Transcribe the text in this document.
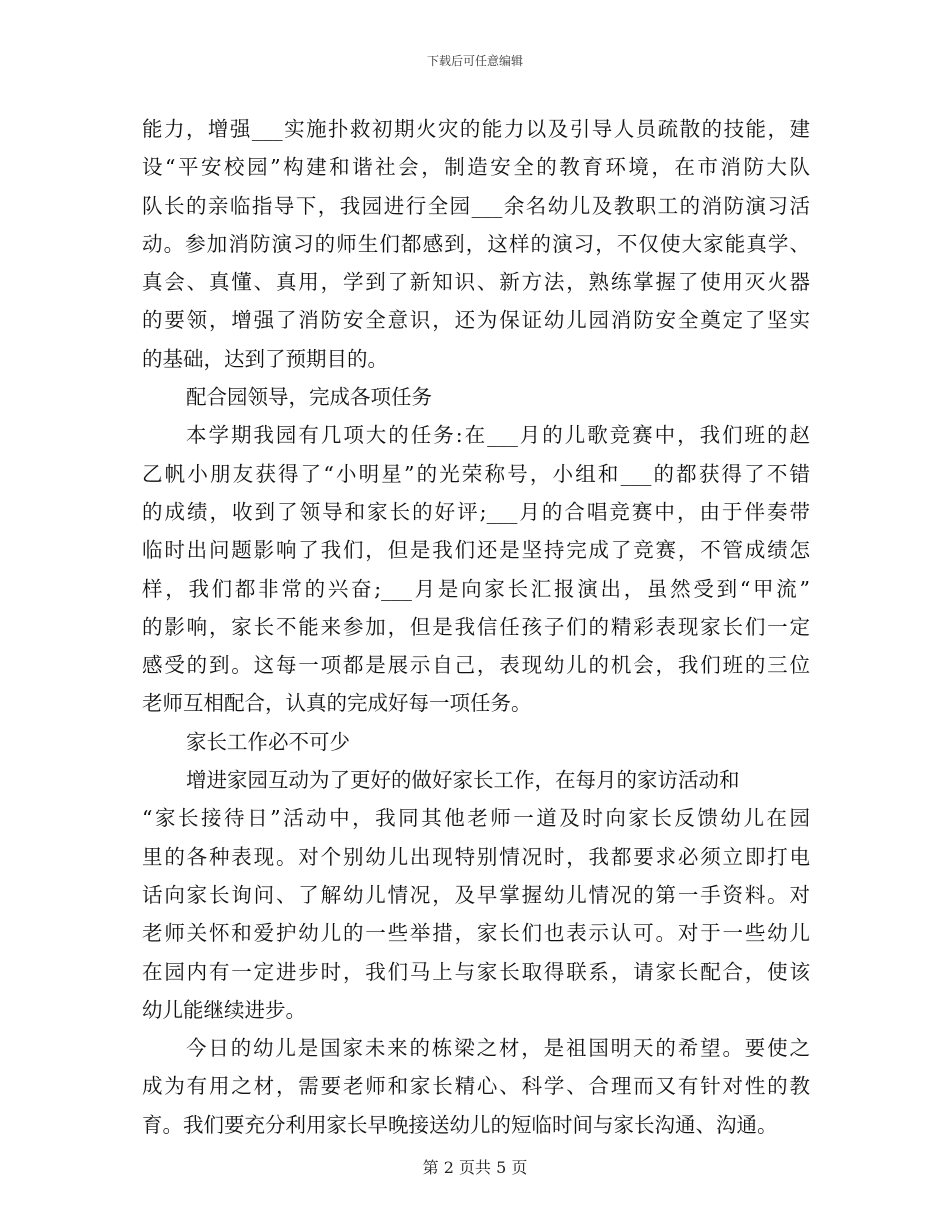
下载后可任意编辑
能力，增强___实施扑救初期火灾的能力以及引导人员疏散的技能，建
设“平安校园”构建和谐社会，制造安全的教育环境，在市消防大队
队长的亲临指导下，我园进行全园___余名幼儿及教职工的消防演习活
动。参加消防演习的师生们都感到，这样的演习，不仅使大家能真学、
真会、真懂、真用，学到了新知识、新方法，熟练掌握了使用灭火器
的要领，增强了消防安全意识，还为保证幼儿园消防安全奠定了坚实
的基础，达到了预期目的。
配合园领导，完成各项任务
本学期我园有几项大的任务:在___月的儿歌竞赛中，我们班的赵
乙帆小朋友获得了“小明星”的光荣称号，小组和___的都获得了不错
的成绩，收到了领导和家长的好评;___月的合唱竞赛中，由于伴奏带
临时出问题影响了我们，但是我们还是坚持完成了竞赛，不管成绩怎
样，我们都非常的兴奋;___月是向家长汇报演出，虽然受到“甲流”
的影响，家长不能来参加，但是我信任孩子们的精彩表现家长们一定
感受的到。这每一项都是展示自己，表现幼儿的机会，我们班的三位
老师互相配合，认真的完成好每一项任务。
家长工作必不可少
增进家园互动为了更好的做好家长工作，在每月的家访活动和
“家长接待日”活动中，我同其他老师一道及时向家长反馈幼儿在园
里的各种表现。对个别幼儿出现特别情况时，我都要求必须立即打电
话向家长询问、了解幼儿情况，及早掌握幼儿情况的第一手资料。对
老师关怀和爱护幼儿的一些举措，家长们也表示认可。对于一些幼儿
在园内有一定进步时，我们马上与家长取得联系，请家长配合，使该
幼儿能继续进步。
今日的幼儿是国家未来的栋梁之材，是祖国明天的希望。要使之
成为有用之材，需要老师和家长精心、科学、合理而又有针对性的教
育。我们要充分利用家长早晚接送幼儿的短临时间与家长沟通、沟通。
第 2 页共 5 页
